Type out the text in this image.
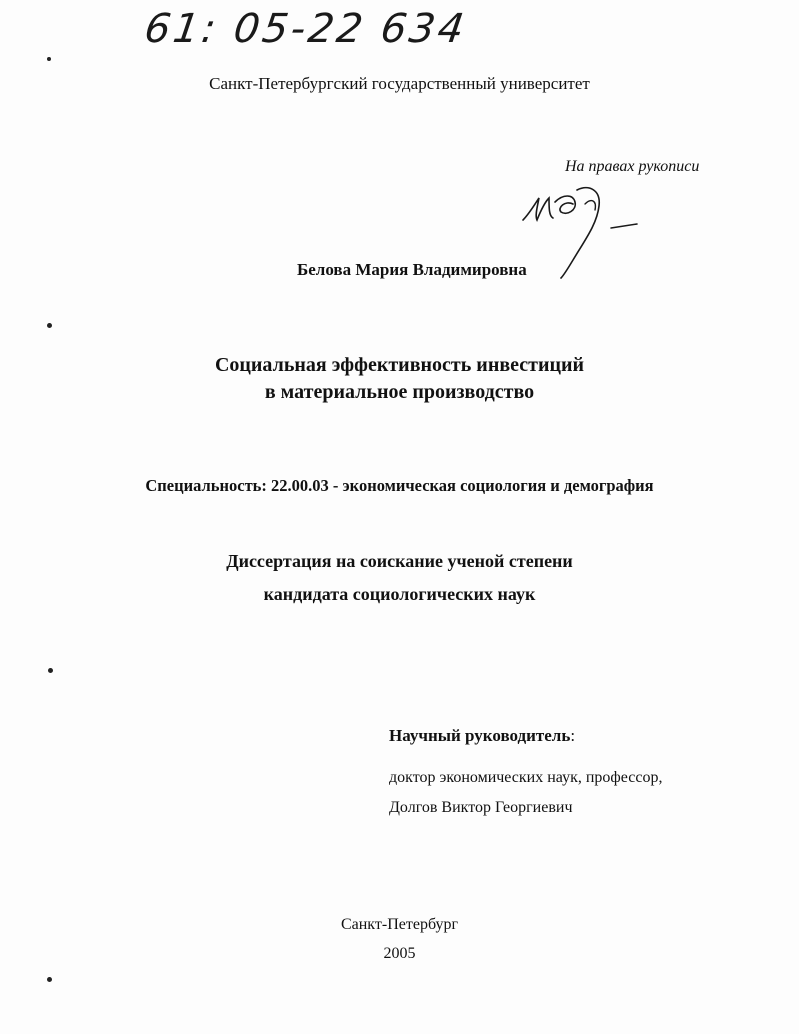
61: 05-22 634
Санкт-Петербургский государственный университет
На правах рукописи
Белова Мария Владимировна
Социальная эффективность инвестиций
в материальное производство
Специальность: 22.00.03 - экономическая социология и демография
Диссертация на соискание ученой степени
кандидата социологических наук
Научный руководитель:
доктор экономических наук, профессор,
Долгов Виктор Георгиевич
Санкт-Петербург
2005
